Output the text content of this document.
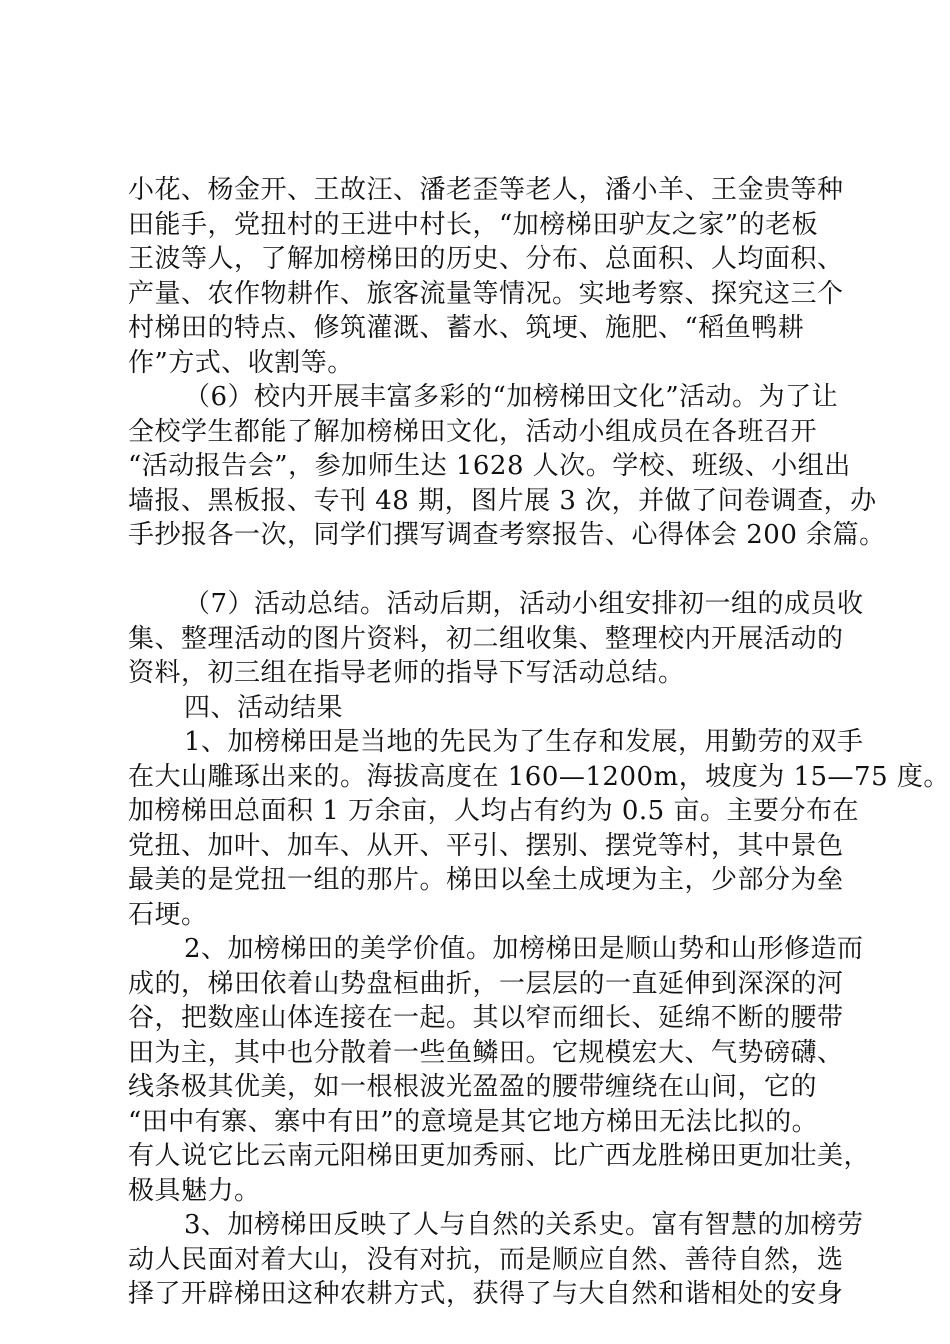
小花、杨金开、王故汪、潘老歪等老人，潘小羊、王金贵等种
田能手，党扭村的王进中村长，“加榜梯田驴友之家”的老板
王波等人，了解加榜梯田的历史、分布、总面积、人均面积、
产量、农作物耕作、旅客流量等情况。实地考察、探究这三个
村梯田的特点、修筑灌溉、蓄水、筑埂、施肥、“稻鱼鸭耕
作”方式、收割等。
（6）校内开展丰富多彩的“加榜梯田文化”活动。为了让
全校学生都能了解加榜梯田文化，活动小组成员在各班召开
“活动报告会”，参加师生达 1628 人次。学校、班级、小组出
墙报、黑板报、专刊 48 期，图片展 3 次，并做了问卷调查，办
手抄报各一次，同学们撰写调查考察报告、心得体会 200 余篇。
（7）活动总结。活动后期，活动小组安排初一组的成员收
集、整理活动的图片资料，初二组收集、整理校内开展活动的
资料，初三组在指导老师的指导下写活动总结。
四、活动结果
1、加榜梯田是当地的先民为了生存和发展，用勤劳的双手
在大山雕琢出来的。海拔高度在 160—1200m，坡度为 15—75 度。
加榜梯田总面积 1 万余亩，人均占有约为 0.5 亩。主要分布在
党扭、加叶、加车、从开、平引、摆别、摆党等村，其中景色
最美的是党扭一组的那片。梯田以垒土成埂为主，少部分为垒
石埂。
2、加榜梯田的美学价值。加榜梯田是顺山势和山形修造而
成的，梯田依着山势盘桓曲折，一层层的一直延伸到深深的河
谷，把数座山体连接在一起。其以窄而细长、延绵不断的腰带
田为主，其中也分散着一些鱼鳞田。它规模宏大、气势磅礴、
线条极其优美，如一根根波光盈盈的腰带缠绕在山间，它的
“田中有寨、寨中有田”的意境是其它地方梯田无法比拟的。
有人说它比云南元阳梯田更加秀丽、比广西龙胜梯田更加壮美，
极具魅力。
3、加榜梯田反映了人与自然的关系史。富有智慧的加榜劳
动人民面对着大山，没有对抗，而是顺应自然、善待自然，选
择了开辟梯田这种农耕方式，获得了与大自然和谐相处的安身
